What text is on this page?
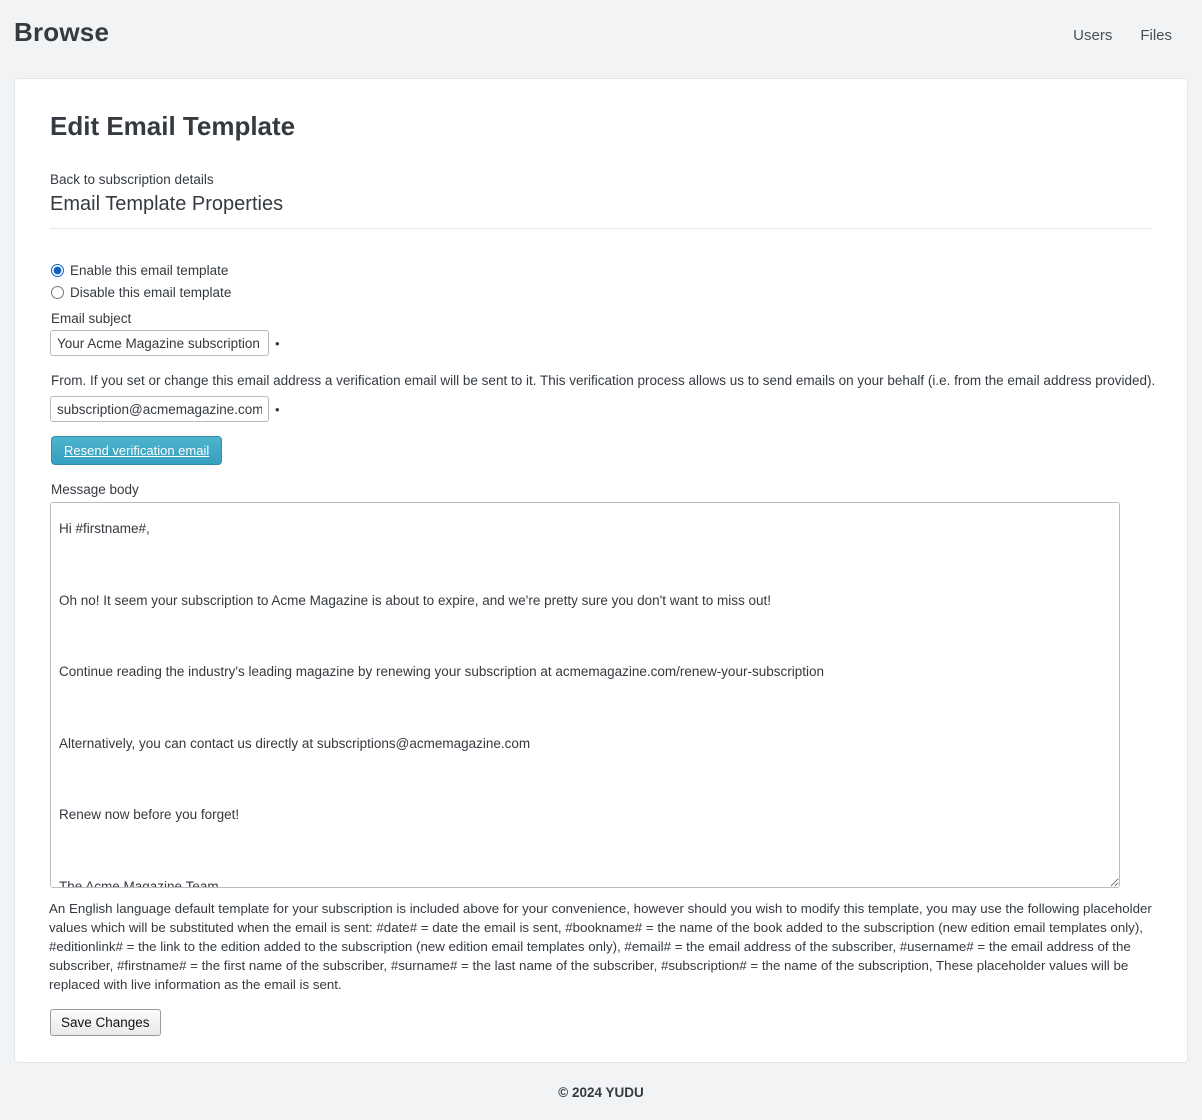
Browse	Users	Files
Edit Email Template
Back to subscription details
Email Template Properties
Enable this email template
Disable this email template
Email subject
Your Acme Magazine subscription is
•
From. If you set or change this email address a verification email will be sent to it. This verification process allows us to send emails on your behalf (i.e. from the email address provided).
subscription@acmemagazine.com
•
Resend verification email
Message body
Hi #firstname#, Oh no! It seem your subscription to Acme Magazine is about to expire, and we're pretty sure you don't want to miss out! Continue reading the industry's leading magazine by renewing your subscription at acmemagazine.com/renew-your-subscription Alternatively, you can contact us directly at subscriptions@acmemagazine.com Renew now before you forget! The Acme Magazine Team
An English language default template for your subscription is included above for your convenience, however should you wish to modify this template, you may use the following placeholder values which will be substituted when the email is sent: #date# = date the email is sent, #bookname# = the name of the book added to the subscription (new edition email templates only), #editionlink# = the link to the edition added to the subscription (new edition email templates only), #email# = the email address of the subscriber, #username# = the email address of the subscriber, #firstname# = the first name of the subscriber, #surname# = the last name of the subscriber, #subscription# = the name of the subscription, These placeholder values will be replaced with live information as the email is sent.
Save Changes
© 2024 YUDU
